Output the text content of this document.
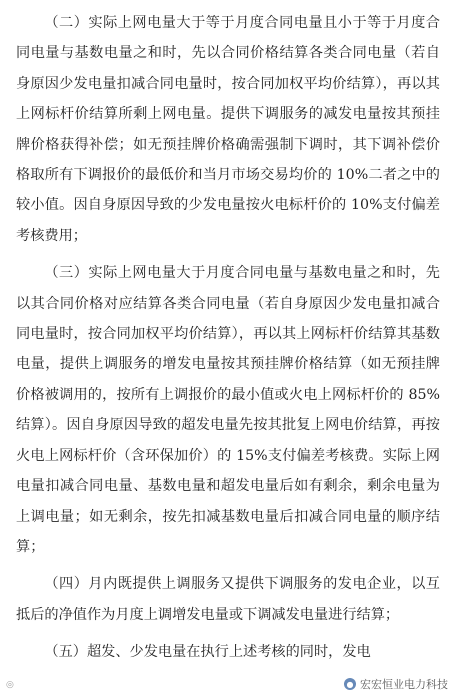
（二）实际上网电量大于等于月度合同电量且小于等于月度合同电量与基数电量之和时，先以合同价格结算各类合同电量（若自身原因少发电量扣减合同电量时，按合同加权平均价结算），再以其上网标杆价结算所剩上网电量。提供下调服务的减发电量按其预挂牌价格获得补偿；如无预挂牌价格确需强制下调时，其下调补偿价格取所有下调报价的最低价和当月市场交易均价的 10%二者之中的较小值。因自身原因导致的少发电量按火电标杆价的 10%支付偏差考核费用；

（三）实际上网电量大于月度合同电量与基数电量之和时，先以其合同价格对应结算各类合同电量（若自身原因少发电量扣减合同电量时，按合同加权平均价结算），再以其上网标杆价结算其基数电量，提供上调服务的增发电量按其预挂牌价格结算（如无预挂牌价格被调用的，按所有上调报价的最小值或火电上网标杆价的 85%结算）。因自身原因导致的超发电量先按其批复上网电价结算，再按火电上网标杆价（含环保加价）的 15%支付偏差考核费。实际上网电量扣减合同电量、基数电量和超发电量后如有剩余，剩余电量为上调电量；如无剩余，按先扣减基数电量后扣减合同电量的顺序结算；

（四）月内既提供上调服务又提供下调服务的发电企业，以互抵后的净值作为月度上调增发电量或下调减发电量进行结算；

（五）超发、少发电量在执行上述考核的同时，发电

◎	● 宏宏恒业电力科技
